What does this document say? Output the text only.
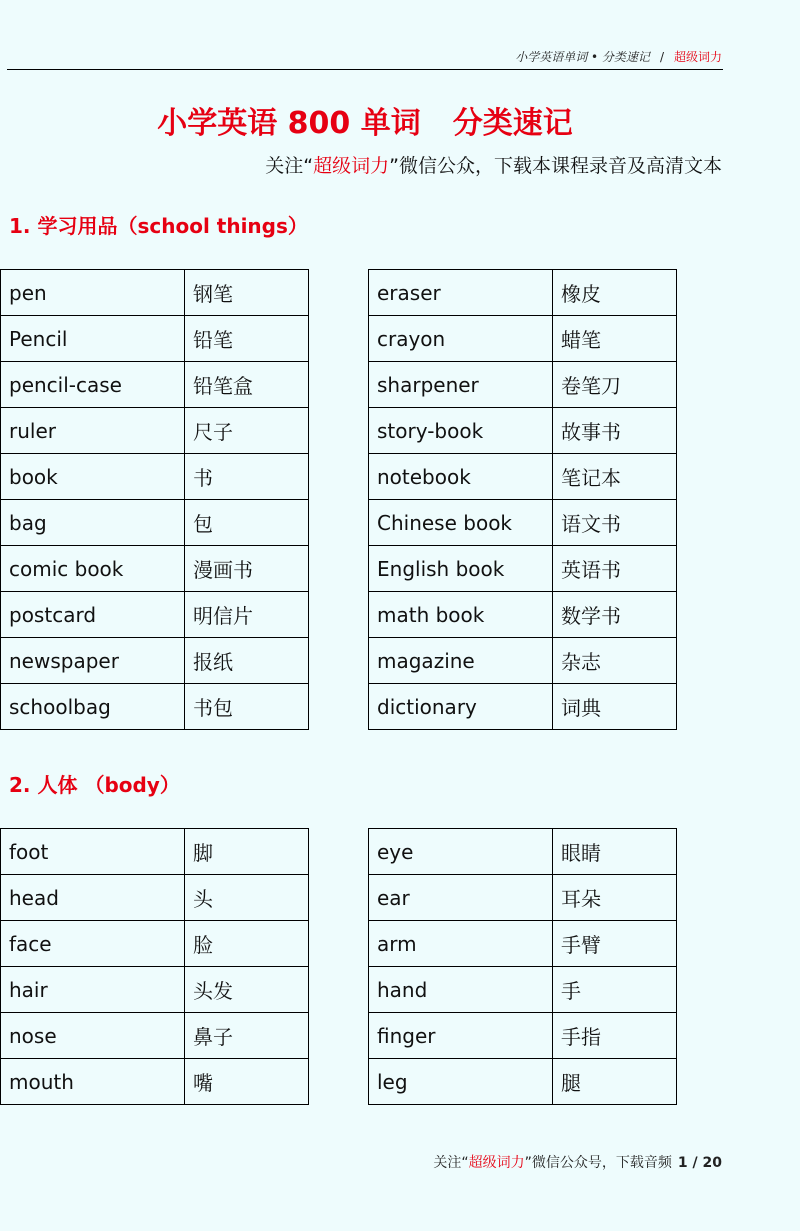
小学英语单词 • 分类速记 / 超级词力
小学英语 800 单词 分类速记
关注“超级词力”微信公众，下载本课程录音及高清文本
1. 学习用品（school things）
pen	钢笔
Pencil	铅笔
pencil-case	铅笔盒
ruler	尺子
book	书
bag	包
comic book	漫画书
postcard	明信片
newspaper	报纸
schoolbag	书包
eraser	橡皮
crayon	蜡笔
sharpener	卷笔刀
story-book	故事书
notebook	笔记本
Chinese book	语文书
English book	英语书
math book	数学书
magazine	杂志
dictionary	词典
2. 人体 （body）
foot	脚
head	头
face	脸
hair	头发
nose	鼻子
mouth	嘴
eye	眼睛
ear	耳朵
arm	手臂
hand	手
finger	手指
leg	腿
关注“超级词力”微信公众号，下载音频 1 / 20
